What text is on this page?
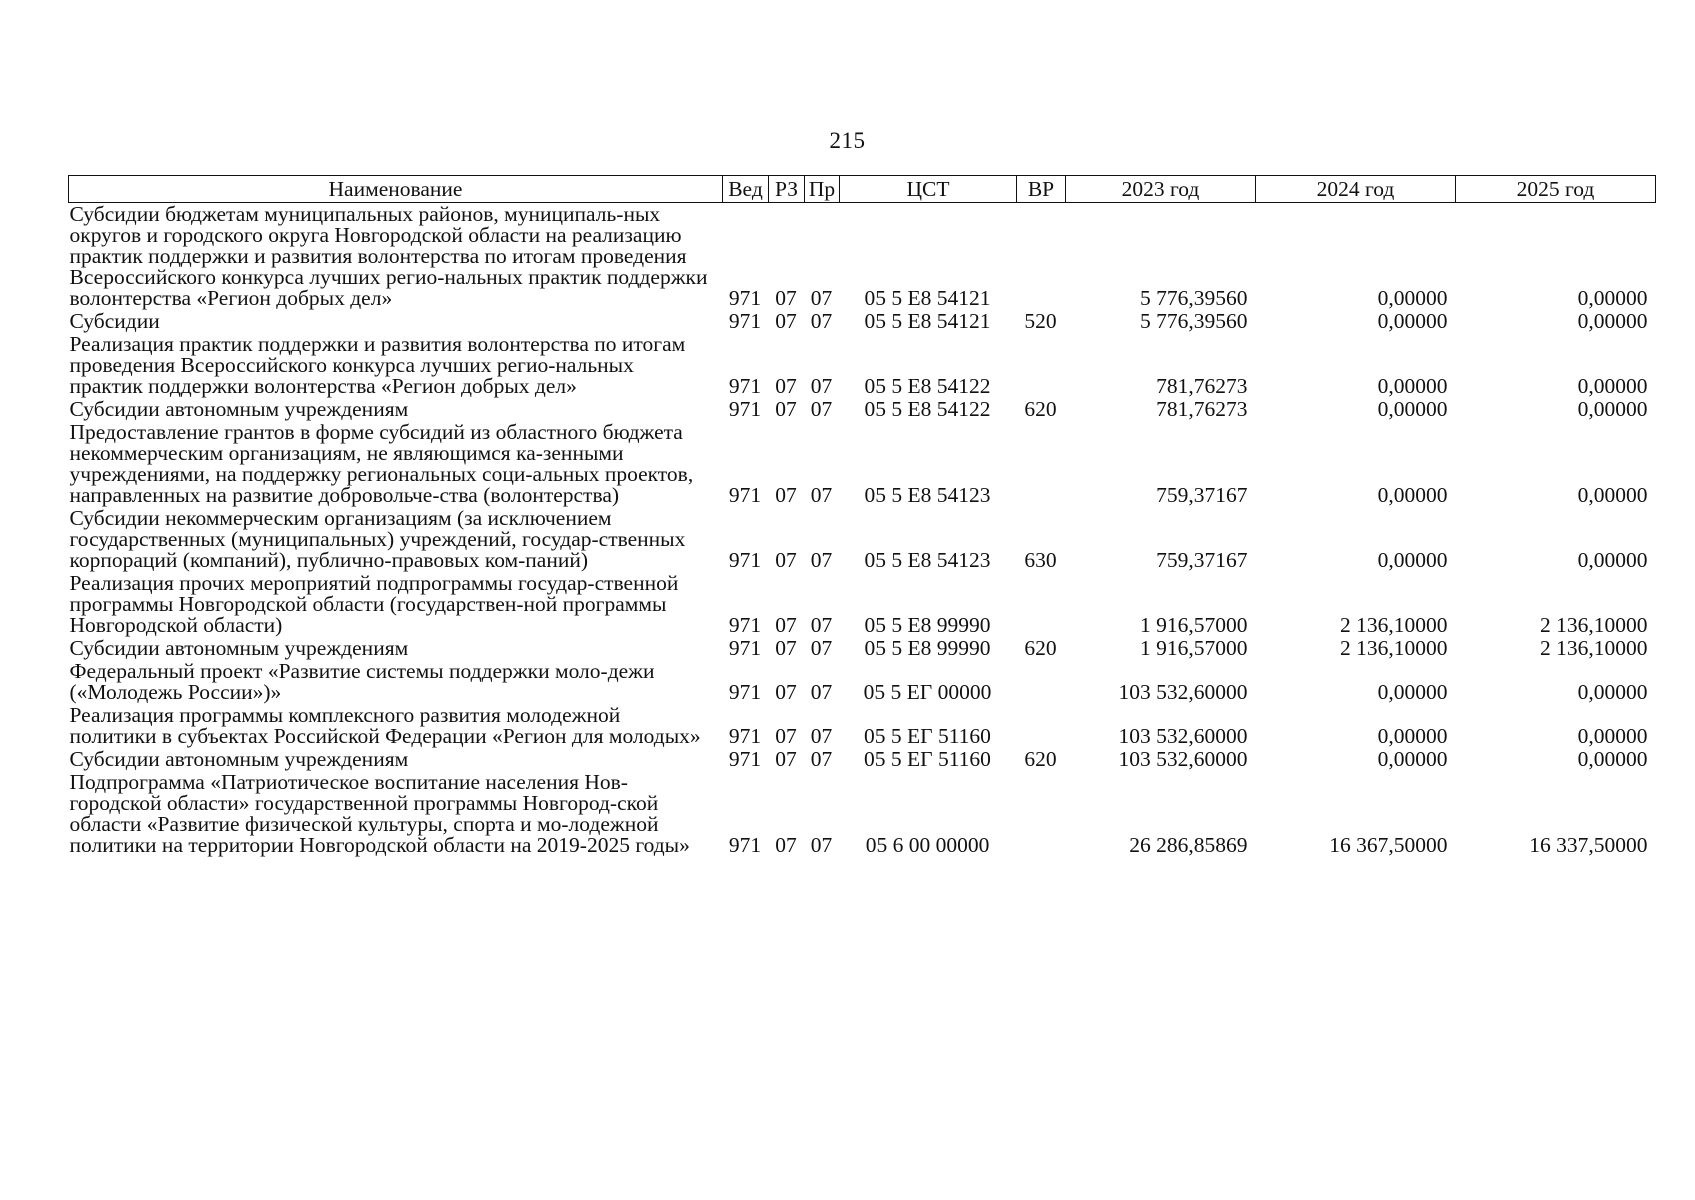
215
Наименование	Вед	РЗ	Пр	ЦСТ	ВР	2023 год	2024 год	2025 год
Субсидии бюджетам муниципальных районов, муниципаль-ных округов и городского округа Новгородской области на реализацию практик поддержки и развития волонтерства по итогам проведения Всероссийского конкурса лучших регио-нальных практик поддержки волонтерства «Регион добрых дел»	971	07	07	05 5 E8 54121		5 776,39560	0,00000	0,00000
Субсидии	971	07	07	05 5 E8 54121	520	5 776,39560	0,00000	0,00000
Реализация практик поддержки и развития волонтерства по итогам проведения Всероссийского конкурса лучших регио-нальных практик поддержки волонтерства «Регион добрых дел»	971	07	07	05 5 E8 54122		781,76273	0,00000	0,00000
Субсидии автономным учреждениям	971	07	07	05 5 E8 54122	620	781,76273	0,00000	0,00000
Предоставление грантов в форме субсидий из областного бюджета некоммерческим организациям, не являющимся ка-зенными учреждениями, на поддержку региональных соци-альных проектов, направленных на развитие добровольче-ства (волонтерства)	971	07	07	05 5 E8 54123		759,37167	0,00000	0,00000
Субсидии некоммерческим организациям (за исключением государственных (муниципальных) учреждений, государ-ственных корпораций (компаний), публично-правовых ком-паний)	971	07	07	05 5 E8 54123	630	759,37167	0,00000	0,00000
Реализация прочих мероприятий подпрограммы государ-ственной программы Новгородской области (государствен-ной программы Новгородской области)	971	07	07	05 5 E8 99990		1 916,57000	2 136,10000	2 136,10000
Субсидии автономным учреждениям	971	07	07	05 5 E8 99990	620	1 916,57000	2 136,10000	2 136,10000
Федеральный проект «Развитие системы поддержки моло-дежи («Молодежь России»)»	971	07	07	05 5 ЕГ 00000		103 532,60000	0,00000	0,00000
Реализация программы комплексного развития молодежной политики в субъектах Российской Федерации «Регион для молодых»	971	07	07	05 5 ЕГ 51160		103 532,60000	0,00000	0,00000
Субсидии автономным учреждениям	971	07	07	05 5 ЕГ 51160	620	103 532,60000	0,00000	0,00000
Подпрограмма «Патриотическое воспитание населения Нов-городской области» государственной программы Новгород-ской области «Развитие физической культуры, спорта и мо-лодежной политики на территории Новгородской области на 2019-2025 годы»	971	07	07	05 6 00 00000		26 286,85869	16 367,50000	16 337,50000
